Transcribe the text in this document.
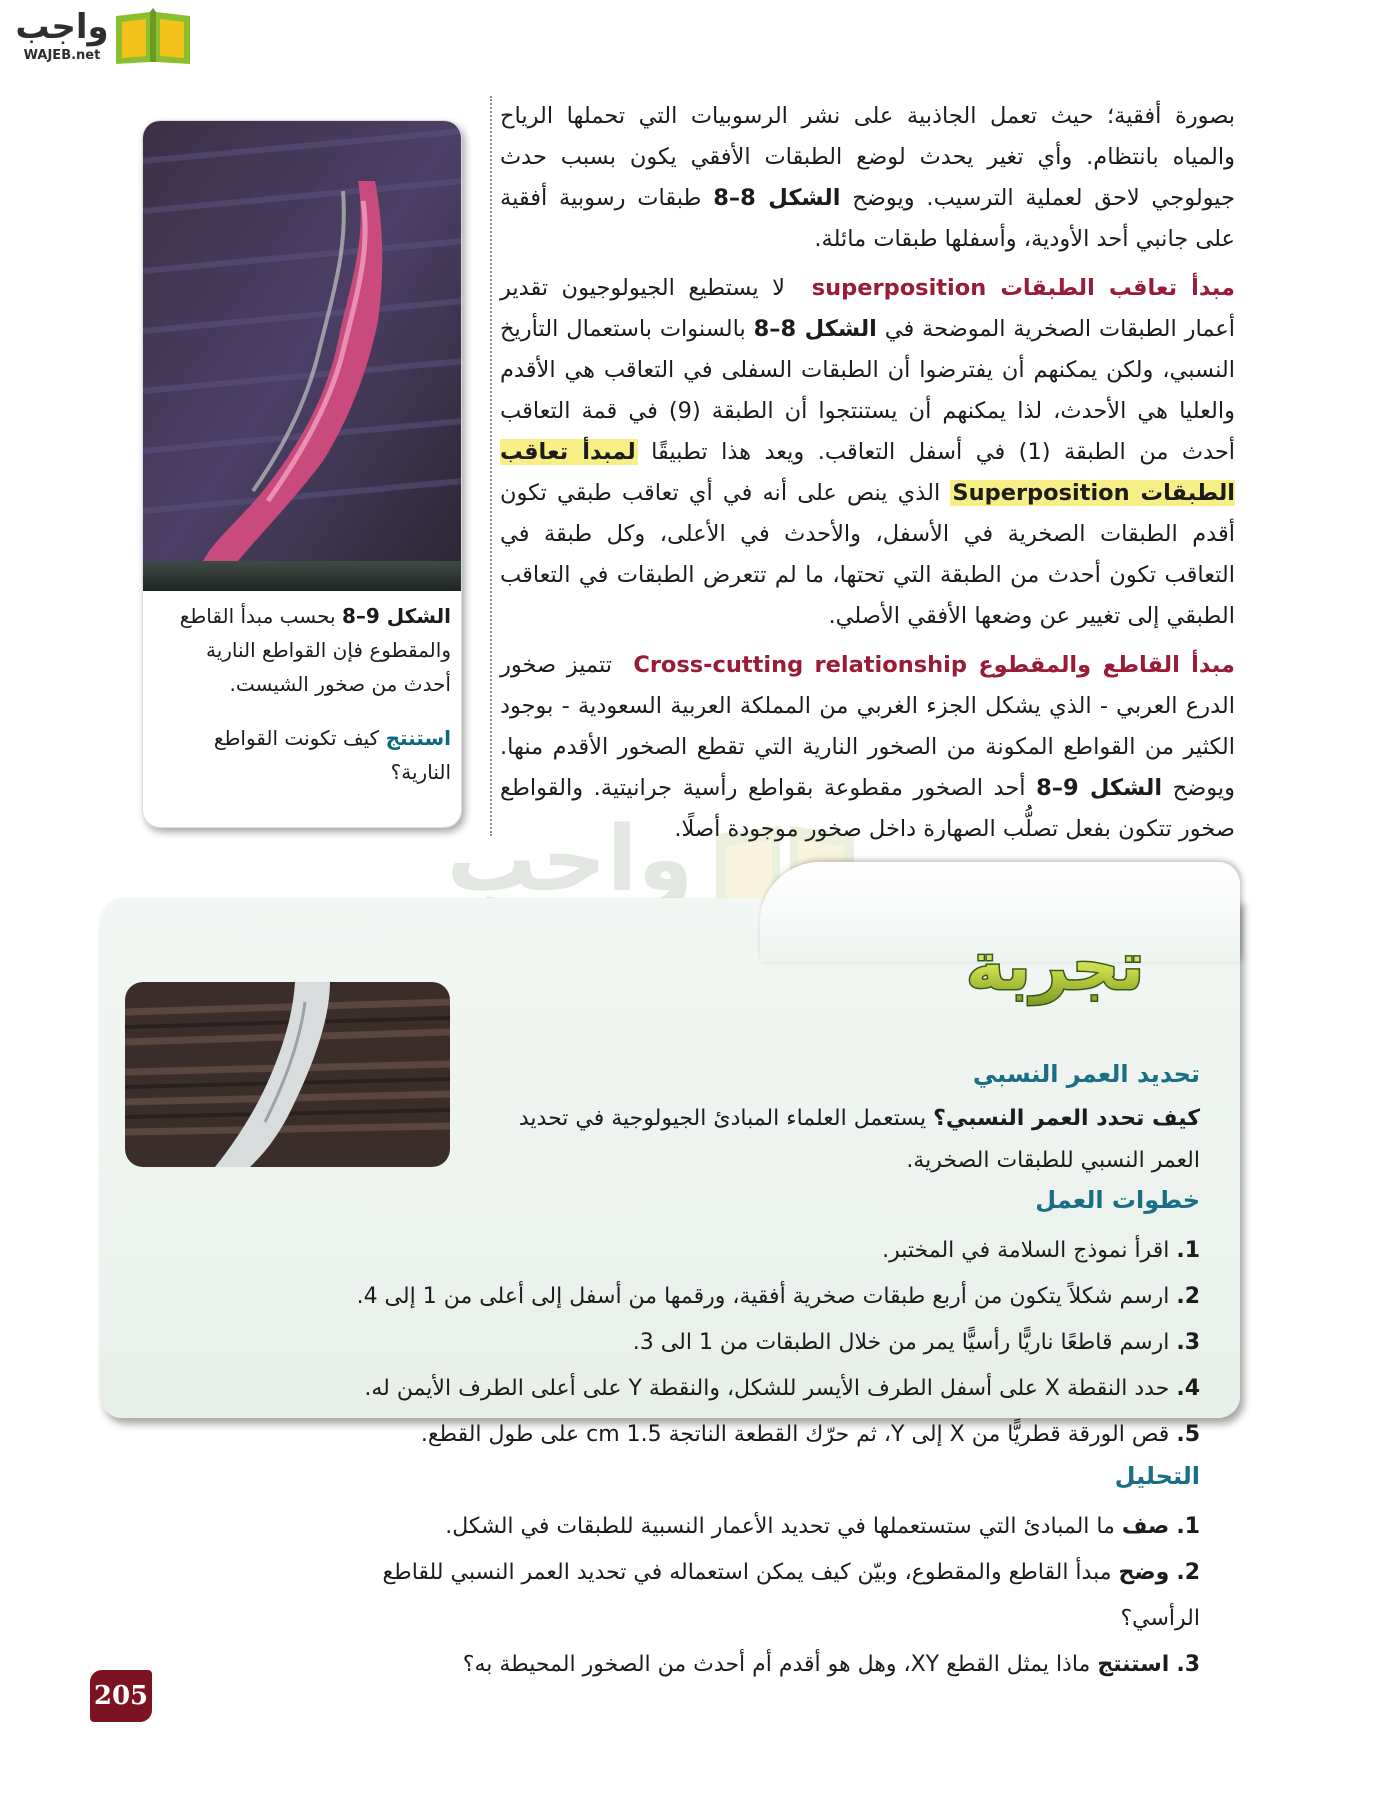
واجب
WAJEB.net
واجب

بصورة أفقية؛ حيث تعمل الجاذبية على نشر الرسوبيات التي تحملها الرياح والمياه بانتظام. وأي تغير يحدث لوضع الطبقات الأفقي يكون بسبب حدث جيولوجي لاحق لعملية الترسيب. ويوضح الشكل 8–8 طبقات رسوبية أفقية على جانبي أحد الأودية، وأسفلها طبقات مائلة.

مبدأ تعاقب الطبقات superposition  لا يستطيع الجيولوجيون تقدير أعمار الطبقات الصخرية الموضحة في الشكل 8–8 بالسنوات باستعمال التأريخ النسبي، ولكن يمكنهم أن يفترضوا أن الطبقات السفلى في التعاقب هي الأقدم والعليا هي الأحدث، لذا يمكنهم أن يستنتجوا أن الطبقة (9) في قمة التعاقب أحدث من الطبقة (1) في أسفل التعاقب. ويعد هذا تطبيقًا لمبدأ تعاقب الطبقات Superposition الذي ينص على أنه في أي تعاقب طبقي تكون أقدم الطبقات الصخرية في الأسفل، والأحدث في الأعلى، وكل طبقة في التعاقب تكون أحدث من الطبقة التي تحتها، ما لم تتعرض الطبقات في التعاقب الطبقي إلى تغيير عن وضعها الأفقي الأصلي.

مبدأ القاطع والمقطوع Cross-cutting relationship  تتميز صخور الدرع العربي - الذي يشكل الجزء الغربي من المملكة العربية السعودية - بوجود الكثير من القواطع المكونة من الصخور النارية التي تقطع الصخور الأقدم منها. ويوضح الشكل 9–8 أحد الصخور مقطوعة بقواطع رأسية جرانيتية. والقواطع صخور تتكون بفعل تصلُّب الصهارة داخل صخور موجودة أصلًا.

الشكل 9–8 بحسب مبدأ القاطع والمقطوع فإن القواطع النارية أحدث من صخور الشيست.
استنتج كيف تكونت القواطع النارية؟
تجربة
تحديد العمر النسبي
كيف تحدد العمر النسبي؟ يستعمل العلماء المبادئ الجيولوجية في تحديد العمر النسبي للطبقات الصخرية.
خطوات العمل
1. اقرأ نموذج السلامة في المختبر.
2. ارسم شكلاً يتكون من أربع طبقات صخرية أفقية، ورقمها من أسفل إلى أعلى من 1 إلى 4.
3. ارسم قاطعًا ناريًّا رأسيًّا يمر من خلال الطبقات من 1 الى 3.
4. حدد النقطة X على أسفل الطرف الأيسر للشكل، والنقطة Y على أعلى الطرف الأيمن له.
5. قص الورقة قطريًّا من X إلى Y، ثم حرّك القطعة الناتجة 1.5 cm على طول القطع.
التحليل
1. صف ما المبادئ التي ستستعملها في تحديد الأعمار النسبية للطبقات في الشكل.
2. وضح مبدأ القاطع والمقطوع، وبيّن كيف يمكن استعماله في تحديد العمر النسبي للقاطع الرأسي؟
3. استنتج ماذا يمثل القطع XY، وهل هو أقدم أم أحدث من الصخور المحيطة به؟
205
